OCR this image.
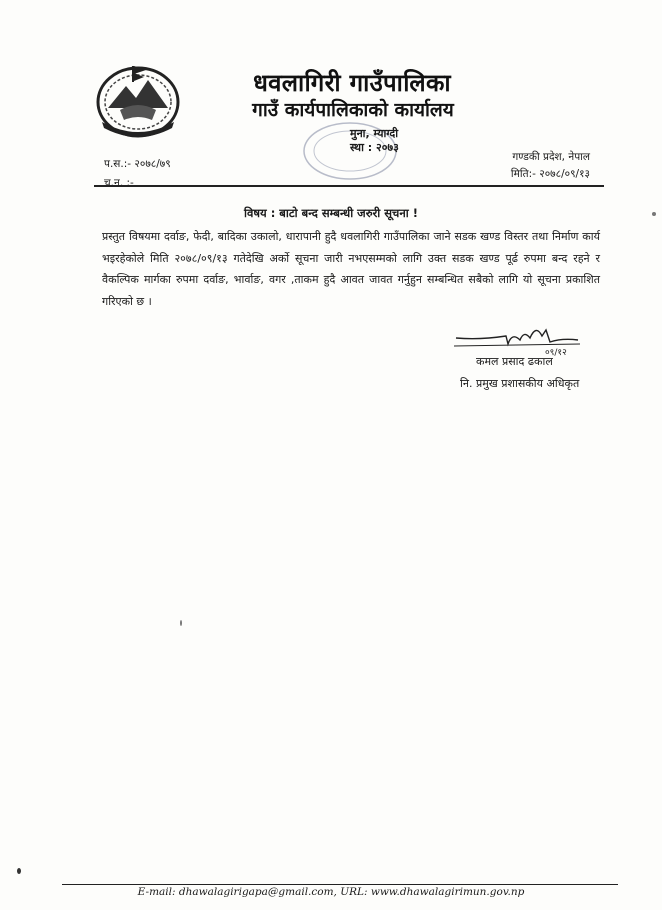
धवलागिरी गाउँपालिका
गाउँ कार्यपालिकाको कार्यालय
मुना, म्याग्दी
स्था : २०७३
प.स.:- २०७८/७९
च.न. :-
गण्डकी प्रदेश, नेपाल
मिति:- २०७८/०९/१३
विषय : बाटो बन्द सम्बन्धी जरुरी सूचना !
प्रस्तुत विषयमा दर्वाङ, फेदी, बादिका उकालो, धारापानी हुदै धवलागिरी गाउँपालिका जाने सडक खण्ड विस्तर तथा निर्माण कार्य भइरहेकोले मिति २०७८/०९/१३ गतेदेखि अर्को सूचना जारी नभएसम्मको लागि उक्त सडक खण्ड पूर्ढ रुपमा बन्द रहने र वैकल्पिक मार्गका रुपमा दर्वाङ, भार्वाङ, वगर ,ताकम हुदै आवत जावत गर्नुहुन सम्बन्धित सबैको लागि यो सूचना प्रकाशित गरिएको छ ।
०९/१२
कमल प्रसाद ढकाल
नि. प्रमुख प्रशासकीय अधिकृत
E-mail: dhawalagirigapa@gmail.com, URL: www.dhawalagirimun.gov.np
